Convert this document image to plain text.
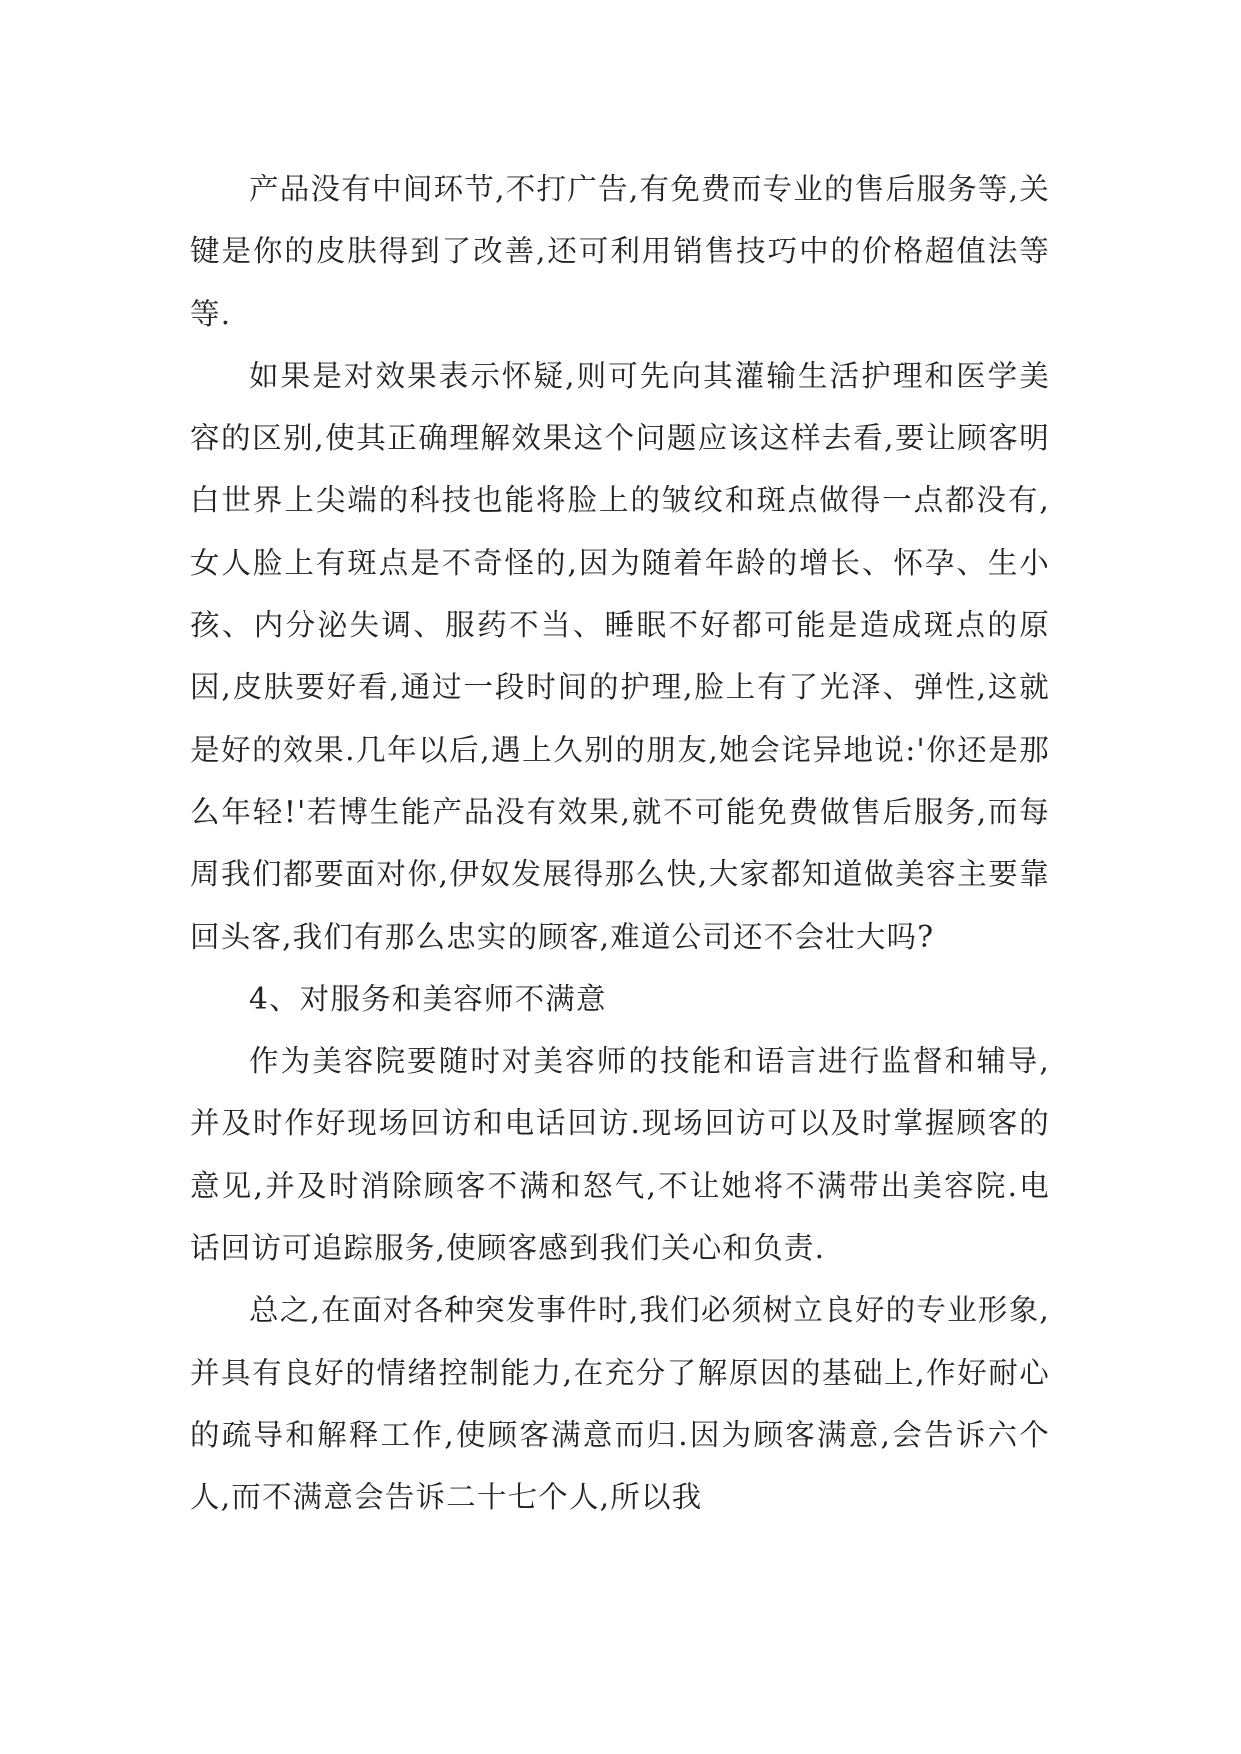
产品没有中间环节,不打广告,有免费而专业的售后服务等,关键是你的皮肤得到了改善,还可利用销售技巧中的价格超值法等等.

如果是对效果表示怀疑,则可先向其灌输生活护理和医学美容的区别,使其正确理解效果这个问题应该这样去看,要让顾客明白世界上尖端的科技也能将脸上的皱纹和斑点做得一点都没有,女人脸上有斑点是不奇怪的,因为随着年龄的增长、怀孕、生小孩、内分泌失调、服药不当、睡眠不好都可能是造成斑点的原因,皮肤要好看,通过一段时间的护理,脸上有了光泽、弹性,这就是好的效果.几年以后,遇上久别的朋友,她会诧异地说:'你还是那么年轻!'若博生能产品没有效果,就不可能免费做售后服务,而每周我们都要面对你,伊奴发展得那么快,大家都知道做美容主要靠回头客,我们有那么忠实的顾客,难道公司还不会壮大吗?

4、对服务和美容师不满意

作为美容院要随时对美容师的技能和语言进行监督和辅导,并及时作好现场回访和电话回访.现场回访可以及时掌握顾客的意见,并及时消除顾客不满和怒气,不让她将不满带出美容院.电话回访可追踪服务,使顾客感到我们关心和负责.

总之,在面对各种突发事件时,我们必须树立良好的专业形象,并具有良好的情绪控制能力,在充分了解原因的基础上,作好耐心的疏导和解释工作,使顾客满意而归.因为顾客满意,会告诉六个人,而不满意会告诉二十七个人,所以我
